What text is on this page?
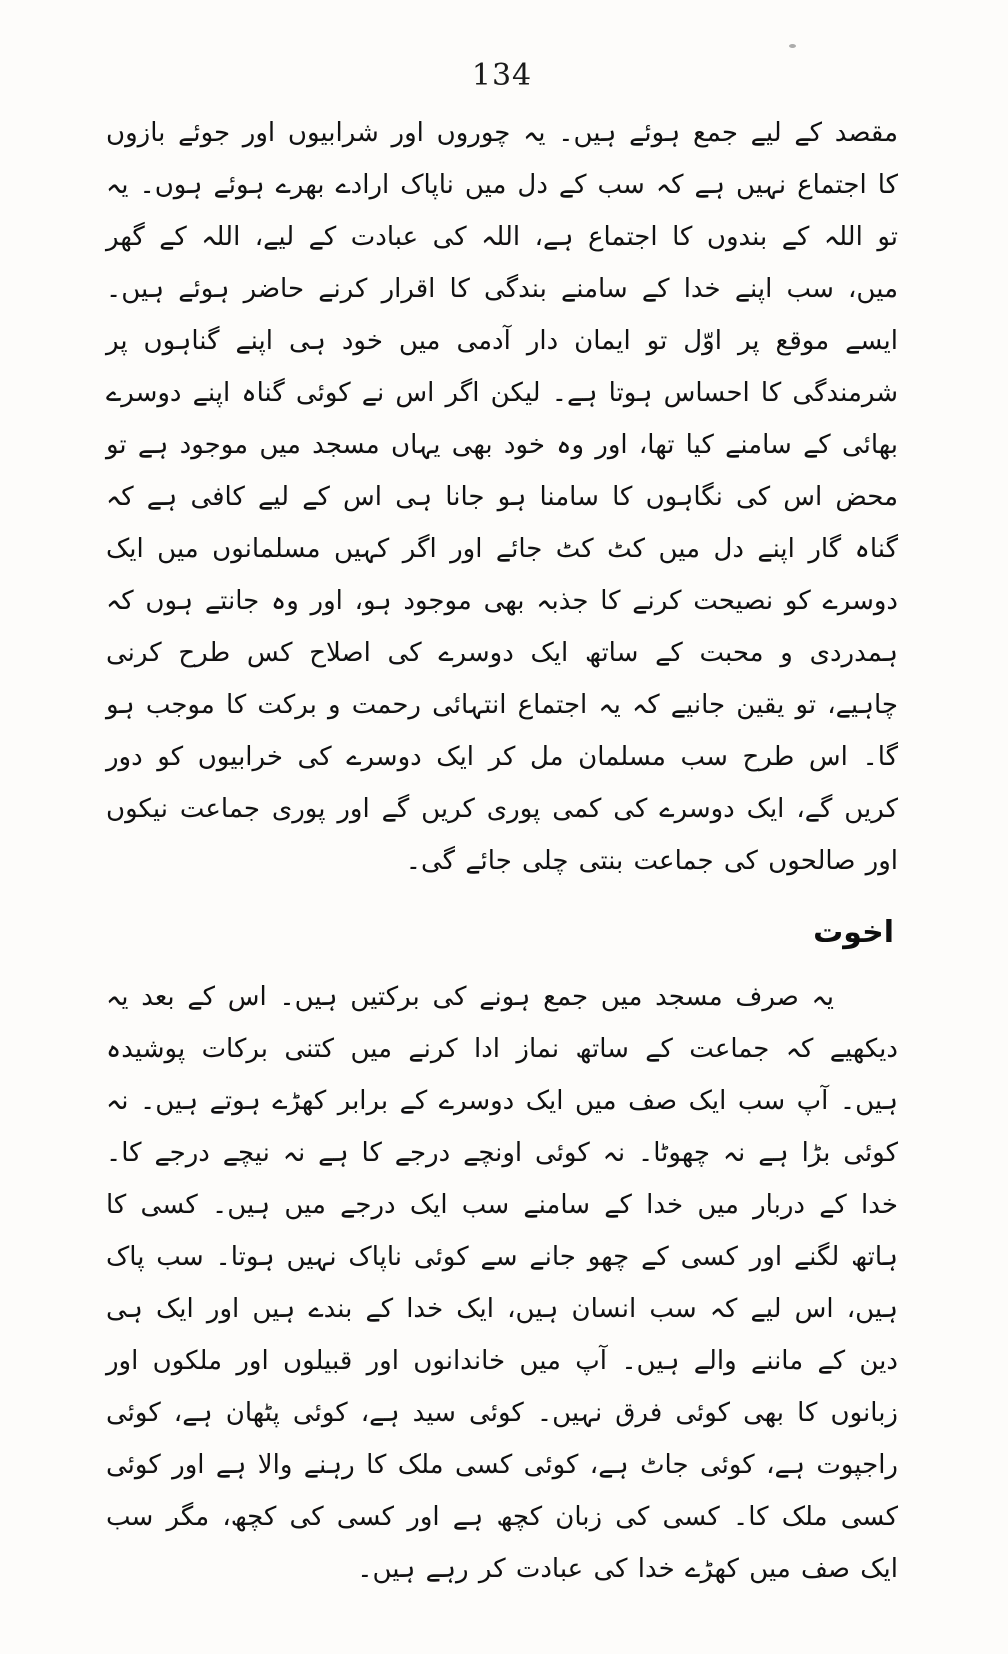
134

مقصد کے لیے جمع ہوئے ہیں۔ یہ چوروں اور شرابیوں اور جوئے بازوں کا اجتماع نہیں ہے کہ سب کے دل میں ناپاک ارادے بھرے ہوئے ہوں۔ یہ تو اللہ کے بندوں کا اجتماع ہے، اللہ کی عبادت کے لیے، اللہ کے گھر میں، سب اپنے خدا کے سامنے بندگی کا اقرار کرنے حاضر ہوئے ہیں۔ ایسے موقع پر اوّل تو ایمان دار آدمی میں خود ہی اپنے گناہوں پر شرمندگی کا احساس ہوتا ہے۔ لیکن اگر اس نے کوئی گناہ اپنے دوسرے بھائی کے سامنے کیا تھا، اور وہ خود بھی یہاں مسجد میں موجود ہے تو محض اس کی نگاہوں کا سامنا ہو جانا ہی اس کے لیے کافی ہے کہ گناہ گار اپنے دل میں کٹ کٹ جائے اور اگر کہیں مسلمانوں میں ایک دوسرے کو نصیحت کرنے کا جذبہ بھی موجود ہو، اور وہ جانتے ہوں کہ ہمدردی و محبت کے ساتھ ایک دوسرے کی اصلاح کس طرح کرنی چاہیے، تو یقین جانیے کہ یہ اجتماع انتہائی رحمت و برکت کا موجب ہو گا۔ اس طرح سب مسلمان مل کر ایک دوسرے کی خرابیوں کو دور کریں گے، ایک دوسرے کی کمی پوری کریں گے اور پوری جماعت نیکوں اور صالحوں کی جماعت بنتی چلی جائے گی۔

اخوت

یہ صرف مسجد میں جمع ہونے کی برکتیں ہیں۔ اس کے بعد یہ دیکھیے کہ جماعت کے ساتھ نماز ادا کرنے میں کتنی برکات پوشیدہ ہیں۔ آپ سب ایک صف میں ایک دوسرے کے برابر کھڑے ہوتے ہیں۔ نہ کوئی بڑا ہے نہ چھوٹا۔ نہ کوئی اونچے درجے کا ہے نہ نیچے درجے کا۔ خدا کے دربار میں خدا کے سامنے سب ایک درجے میں ہیں۔ کسی کا ہاتھ لگنے اور کسی کے چھو جانے سے کوئی ناپاک نہیں ہوتا۔ سب پاک ہیں، اس لیے کہ سب انسان ہیں، ایک خدا کے بندے ہیں اور ایک ہی دین کے ماننے والے ہیں۔ آپ میں خاندانوں اور قبیلوں اور ملکوں اور زبانوں کا بھی کوئی فرق نہیں۔ کوئی سید ہے، کوئی پٹھان ہے، کوئی راجپوت ہے، کوئی جاٹ ہے، کوئی کسی ملک کا رہنے والا ہے اور کوئی کسی ملک کا۔ کسی کی زبان کچھ ہے اور کسی کی کچھ، مگر سب ایک صف میں کھڑے خدا کی عبادت کر رہے ہیں۔
